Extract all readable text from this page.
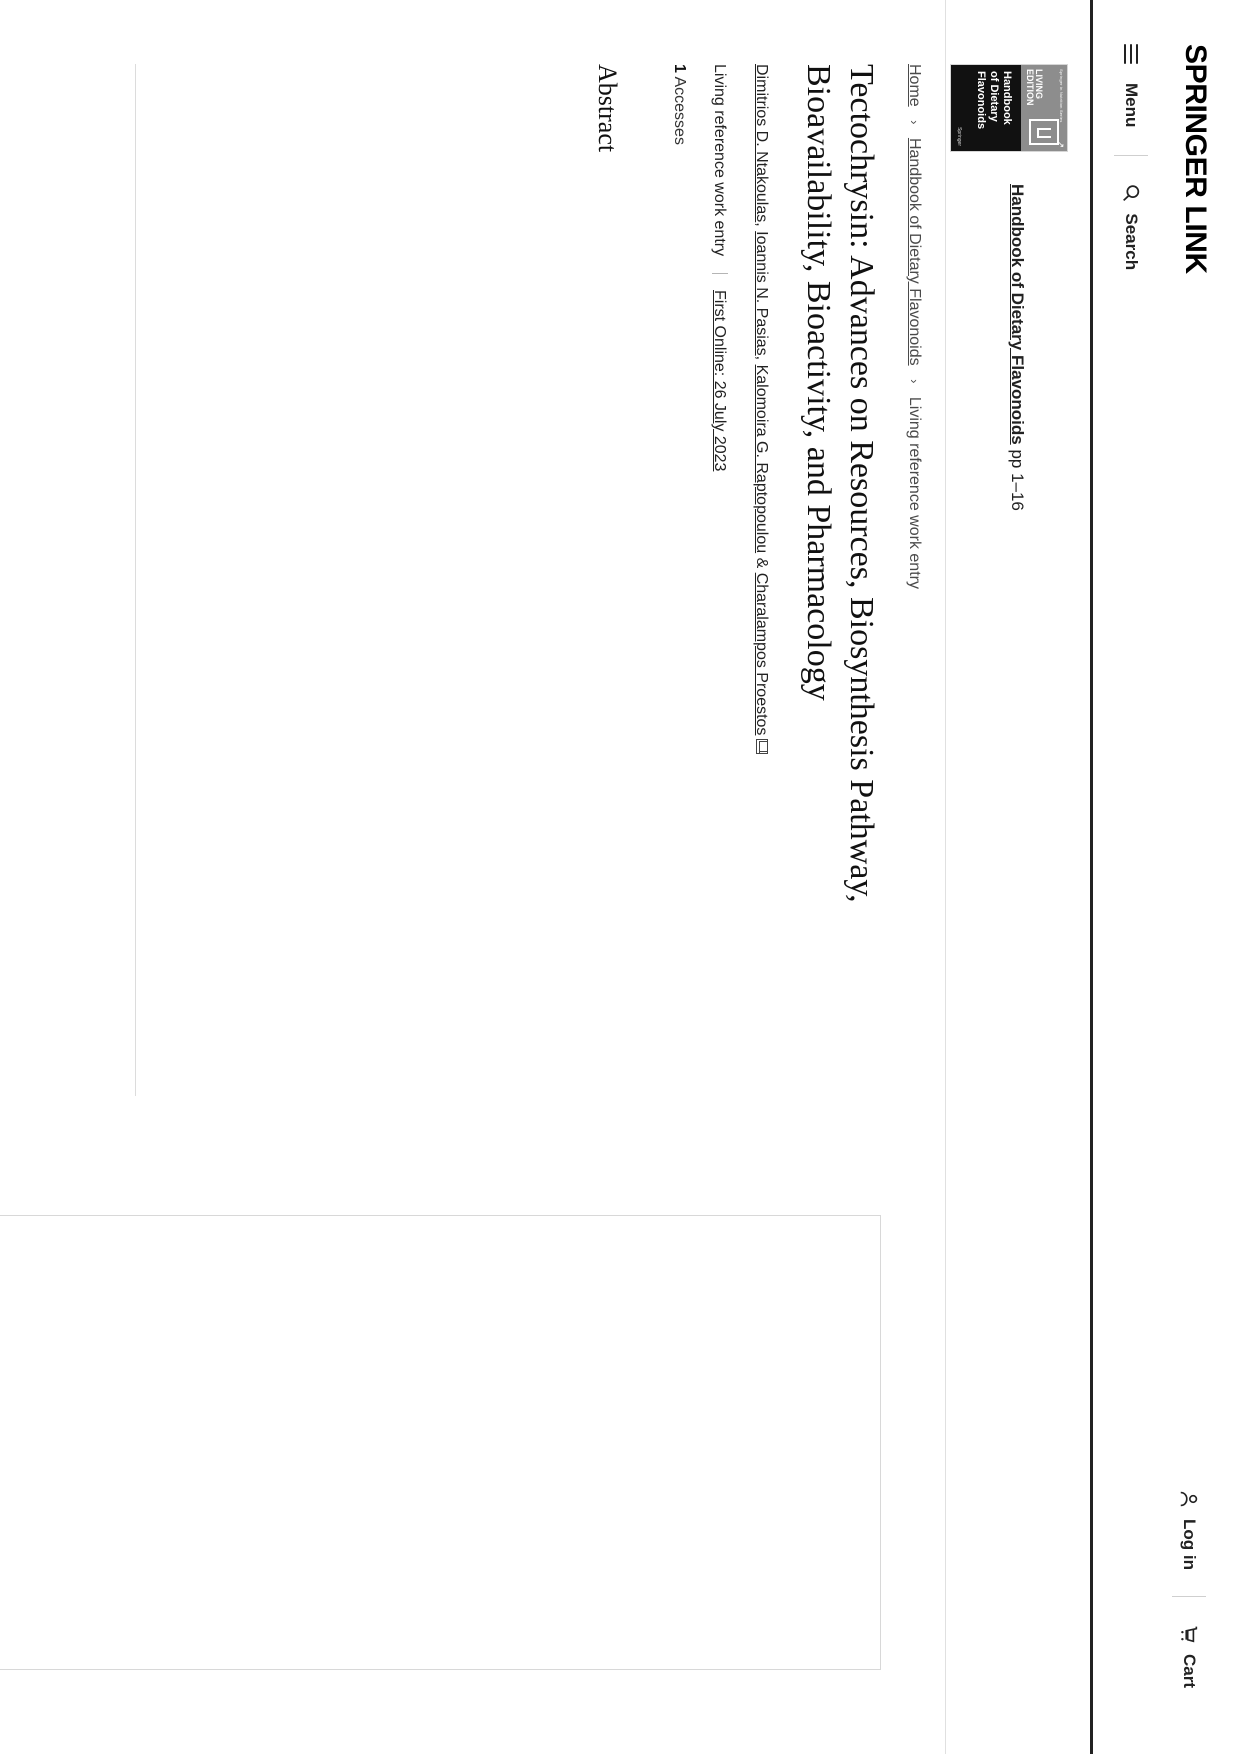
SPRINGER LINK
Log in
Cart
Menu
Search
Springer in Nutrition Series
LIVING
EDITION
↗
Handbook
of Dietary
Flavonoids
Springer
Handbook of Dietary Flavonoids pp 1–16
Home › Handbook of Dietary Flavonoids › Living reference work entry
Tectochrysin: Advances on Resources, Biosynthesis Pathway, Bioavailability, Bioactivity, and Pharmacology
Dimitrios D. Ntakoulas, Ioannis N. Pasias, Kalomoira G. Raptopoulou & Charalampos Proestos
Living reference work entry  First Online: 26 July 2023
1 Accesses
Abstract
